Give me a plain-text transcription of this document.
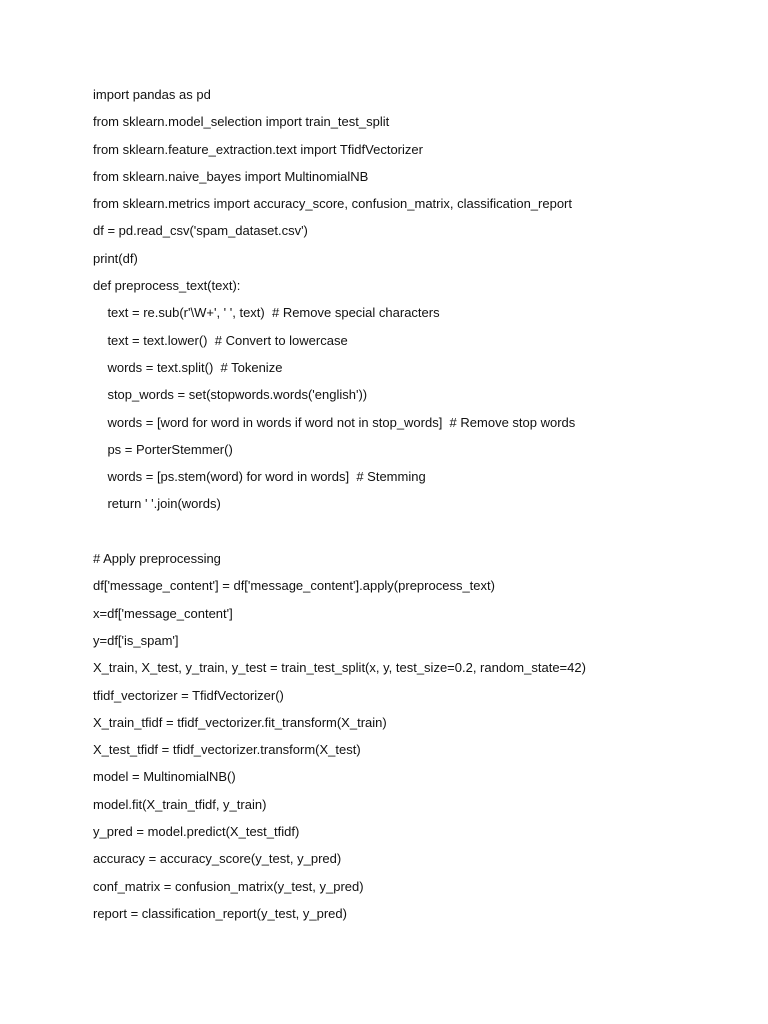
import pandas as pd
from sklearn.model_selection import train_test_split
from sklearn.feature_extraction.text import TfidfVectorizer
from sklearn.naive_bayes import MultinomialNB
from sklearn.metrics import accuracy_score, confusion_matrix, classification_report
df = pd.read_csv('spam_dataset.csv')
print(df)
def preprocess_text(text):
text = re.sub(r'\W+', ' ', text)  # Remove special characters
text = text.lower()  # Convert to lowercase
words = text.split()  # Tokenize
stop_words = set(stopwords.words('english'))
words = [word for word in words if word not in stop_words]  # Remove stop words
ps = PorterStemmer()
words = [ps.stem(word) for word in words]  # Stemming
return ' '.join(words)
# Apply preprocessing
df['message_content'] = df['message_content'].apply(preprocess_text)
x=df['message_content']
y=df['is_spam']
X_train, X_test, y_train, y_test = train_test_split(x, y, test_size=0.2, random_state=42)
tfidf_vectorizer = TfidfVectorizer()
X_train_tfidf = tfidf_vectorizer.fit_transform(X_train)
X_test_tfidf = tfidf_vectorizer.transform(X_test)
model = MultinomialNB()
model.fit(X_train_tfidf, y_train)
y_pred = model.predict(X_test_tfidf)
accuracy = accuracy_score(y_test, y_pred)
conf_matrix = confusion_matrix(y_test, y_pred)
report = classification_report(y_test, y_pred)
